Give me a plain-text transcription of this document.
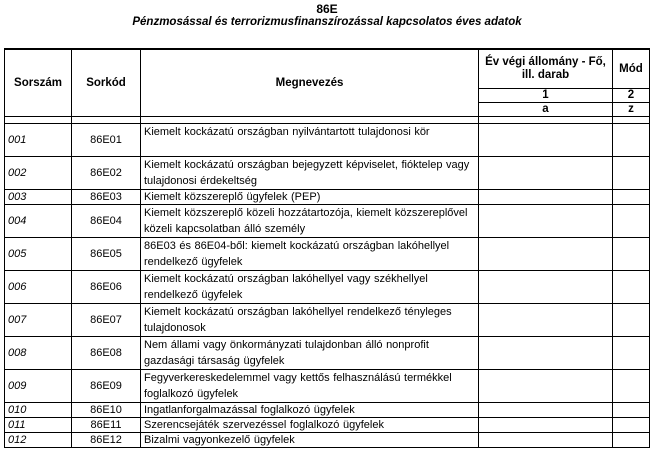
86E
Pénzmosással és terrorizmusfinanszírozással kapcsolatos éves adatok
Sorszám	Sorkód	Megnevezés	Év végi állomány - Fő, ill. darab	Mód
			1	2
			a	z

001	86E01	Kiemelt kockázatú országban nyilvántartott tulajdonosi kör		
002	86E02	Kiemelt kockázatú országban bejegyzett képviselet, fióktelep vagy tulajdonosi érdekeltség		
003	86E03	Kiemelt közszereplő ügyfelek (PEP)		
004	86E04	Kiemelt közszereplő közeli hozzátartozója, kiemelt közszereplővel közeli kapcsolatban álló személy		
005	86E05	86E03 és 86E04-ből: kiemelt kockázatú országban lakóhellyel rendelkező ügyfelek		
006	86E06	Kiemelt kockázatú országban lakóhellyel vagy székhellyel rendelkező ügyfelek		
007	86E07	Kiemelt kockázatú országban lakóhellyel rendelkező tényleges tulajdonosok		
008	86E08	Nem állami vagy önkormányzati tulajdonban álló nonprofit gazdasági társaság ügyfelek		
009	86E09	Fegyverkereskedelemmel vagy kettős felhasználású termékkel foglalkozó ügyfelek		
010	86E10	Ingatlanforgalmazással foglalkozó ügyfelek		
011	86E11	Szerencsejáték szervezéssel foglalkozó ügyfelek		
012	86E12	Bizalmi vagyonkezelő ügyfelek		
